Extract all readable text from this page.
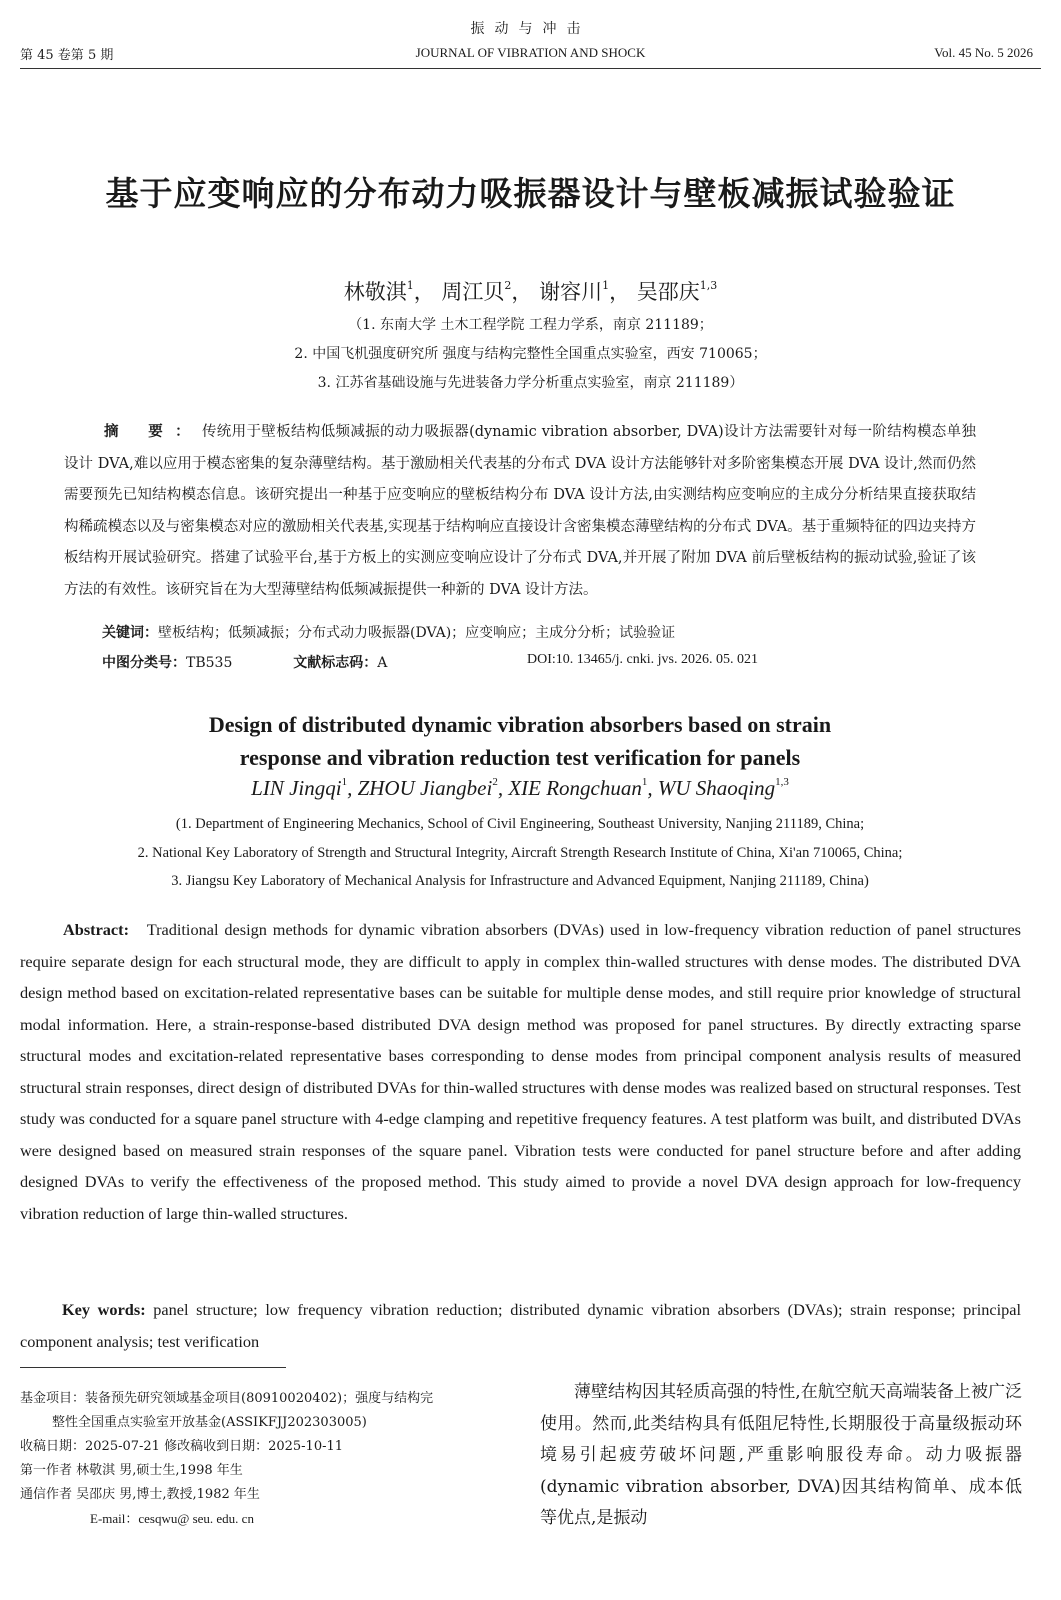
振动与冲击
第 45 卷第 5 期	JOURNAL OF VIBRATION AND SHOCK	Vol. 45 No. 5 2026
基于应变响应的分布动力吸振器设计与壁板减振试验验证
林敬淇$^1$， 周江贝$^2$， 谢容川$^1$， 吴邵庆$^{1,3}$
（1. 东南大学 土木工程学院 工程力学系，南京 211189；
2. 中国飞机强度研究所 强度与结构完整性全国重点实验室，西安 710065；
3. 江苏省基础设施与先进装备力学分析重点实验室，南京 211189）
摘 要：传统用于壁板结构低频减振的动力吸振器(dynamic vibration absorber, DVA)设计方法需要针对每一阶结构模态单独设计 DVA,难以应用于模态密集的复杂薄壁结构。基于激励相关代表基的分布式 DVA 设计方法能够针对多阶密集模态开展 DVA 设计,然而仍然需要预先已知结构模态信息。该研究提出一种基于应变响应的壁板结构分布 DVA 设计方法,由实测结构应变响应的主成分分析结果直接获取结构稀疏模态以及与密集模态对应的激励相关代表基,实现基于结构响应直接设计含密集模态薄壁结构的分布式 DVA。基于重频特征的四边夹持方板结构开展试验研究。搭建了试验平台,基于方板上的实测应变响应设计了分布式 DVA,并开展了附加 DVA 前后壁板结构的振动试验,验证了该方法的有效性。该研究旨在为大型薄壁结构低频减振提供一种新的 DVA 设计方法。
关键词：壁板结构；低频减振；分布式动力吸振器(DVA)；应变响应；主成分分析；试验验证
中图分类号：TB535	文献标志码：A	DOI:10. 13465/j. cnki. jvs. 2026. 05. 021
Design of distributed dynamic vibration absorbers based on strain
response and vibration reduction test verification for panels
LIN Jingqi$^1$, ZHOU Jiangbei$^2$, XIE Rongchuan$^1$, WU Shaoqing$^{1,3}$
(1. Department of Engineering Mechanics, School of Civil Engineering, Southeast University, Nanjing 211189, China;
2. National Key Laboratory of Strength and Structural Integrity, Aircraft Strength Research Institute of China, Xi'an 710065, China;
3. Jiangsu Key Laboratory of Mechanical Analysis for Infrastructure and Advanced Equipment, Nanjing 211189, China)
Abstract: Traditional design methods for dynamic vibration absorbers (DVAs) used in low-frequency vibration reduction of panel structures require separate design for each structural mode, they are difficult to apply in complex thin-walled structures with dense modes. The distributed DVA design method based on excitation-related representative bases can be suitable for multiple dense modes, and still require prior knowledge of structural modal information. Here, a strain-response-based distributed DVA design method was proposed for panel structures. By directly extracting sparse structural modes and excitation-related representative bases corresponding to dense modes from principal component analysis results of measured structural strain responses, direct design of distributed DVAs for thin-walled structures with dense modes was realized based on structural responses. Test study was conducted for a square panel structure with 4-edge clamping and repetitive frequency features. A test platform was built, and distributed DVAs were designed based on measured strain responses of the square panel. Vibration tests were conducted for panel structure before and after adding designed DVAs to verify the effectiveness of the proposed method. This study aimed to provide a novel DVA design approach for low-frequency vibration reduction of large thin-walled structures.
Key words: panel structure; low frequency vibration reduction; distributed dynamic vibration absorbers (DVAs); strain response; principal component analysis; test verification
基金项目：装备预先研究领域基金项目(80910020402)；强度与结构完
整性全国重点实验室开放基金(ASSIKFJJ202303005)
收稿日期：2025-07-21 修改稿收到日期：2025-10-11
第一作者 林敬淇 男,硕士生,1998 年生
通信作者 吴邵庆 男,博士,教授,1982 年生
E-mail：cesqwu@ seu. edu. cn
薄壁结构因其轻质高强的特性,在航空航天高端装备上被广泛使用。然而,此类结构具有低阻尼特性,长期服役于高量级振动环境易引起疲劳破坏问题,严重影响服役寿命。动力吸振器(dynamic vibration absorber, DVA)因其结构简单、成本低等优点,是振动
